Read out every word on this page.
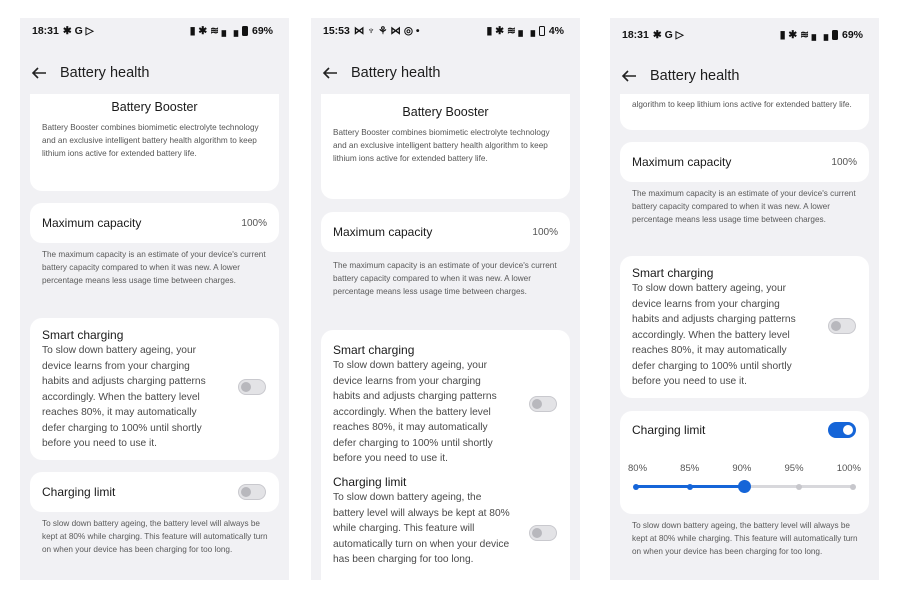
18:31 ✱ G ▷	▮ ✱ ≋ ▖▗ 69%
Battery health
Battery Booster
Battery Booster combines biomimetic electrolyte technology and an exclusive intelligent battery health algorithm to keep lithium ions active for extended battery life.
Maximum capacity	100%
The maximum capacity is an estimate of your device's current battery capacity compared to when it was new. A lower percentage means less usage time between charges.
Smart charging
To slow down battery ageing, your device learns from your charging habits and adjusts charging patterns accordingly. When the battery level reaches 80%, it may automatically defer charging to 100% until shortly before you need to use it.
Charging limit
To slow down battery ageing, the battery level will always be kept at 80% while charging. This feature will automatically turn on when your device has been charging for too long.
15:53 ⋈ ♆ ⚘ ⋈ ◎ •	▮ ✱ ≋ ▖▗ 4%
Battery health
Battery Booster
Battery Booster combines biomimetic electrolyte technology and an exclusive intelligent battery health algorithm to keep lithium ions active for extended battery life.
Maximum capacity	100%
The maximum capacity is an estimate of your device's current battery capacity compared to when it was new. A lower percentage means less usage time between charges.
Smart charging
To slow down battery ageing, your device learns from your charging habits and adjusts charging patterns accordingly. When the battery level reaches 80%, it may automatically defer charging to 100% until shortly before you need to use it.
Charging limit
To slow down battery ageing, the battery level will always be kept at 80% while charging. This feature will automatically turn on when your device has been charging for too long.
18:31 ✱ G ▷	▮ ✱ ≋ ▖▗ 69%
Battery health
algorithm to keep lithium ions active for extended battery life.
Maximum capacity	100%
The maximum capacity is an estimate of your device's current battery capacity compared to when it was new. A lower percentage means less usage time between charges.
Smart charging
To slow down battery ageing, your device learns from your charging habits and adjusts charging patterns accordingly. When the battery level reaches 80%, it may automatically defer charging to 100% until shortly before you need to use it.
Charging limit
80%	85%	90%	95%	100%
To slow down battery ageing, the battery level will always be kept at 80% while charging. This feature will automatically turn on when your device has been charging for too long.
